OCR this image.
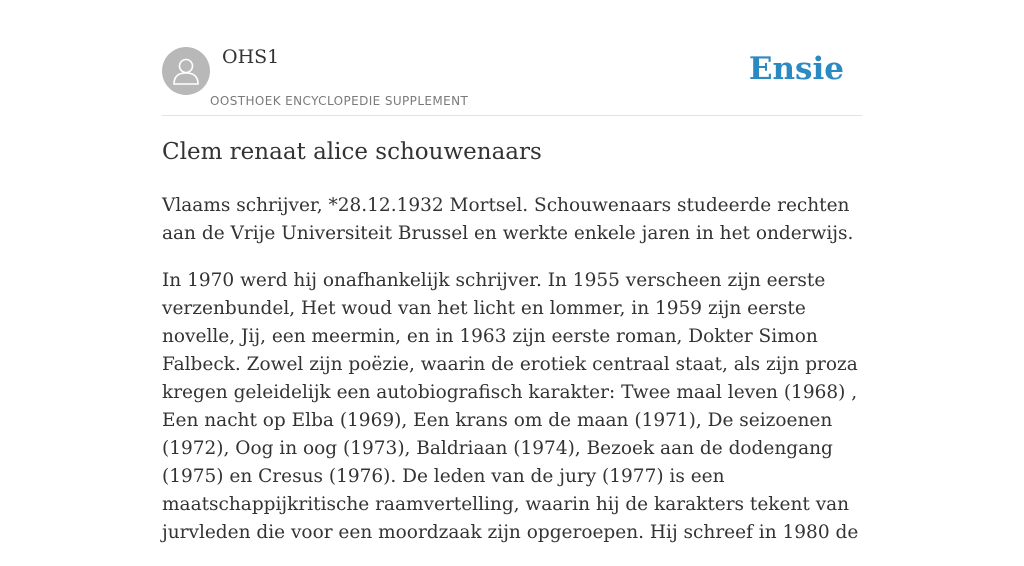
OHS1
OOSTHOEK ENCYCLOPEDIE SUPPLEMENT
Ensie
Clem renaat alice schouwenaars

Vlaams schrijver, *28.12.1932 Mortsel. Schouwenaars studeerde rechten aan de Vrije Universiteit Brussel en werkte enkele jaren in het onderwijs.

In 1970 werd hij onafhankelijk schrijver. In 1955 verscheen zijn eerste verzenbundel, Het woud van het licht en lommer, in 1959 zijn eerste novelle, Jij, een meermin, en in 1963 zijn eerste roman, Dokter Simon Falbeck. Zowel zijn poëzie, waarin de erotiek centraal staat, als zijn proza kregen geleidelijk een autobiografisch karakter: Twee maal leven (1968) , Een nacht op Elba (1969), Een krans om de maan (1971), De seizoenen (1972), Oog in oog (1973), Baldriaan (1974), Bezoek aan de dodengang (1975) en Cresus (1976). De leden van de jury (1977) is een maatschappijkritische raamvertelling, waarin hij de karakters tekent van jurvleden die voor een moordzaak zijn opgeroepen. Hij schreef in 1980 de
